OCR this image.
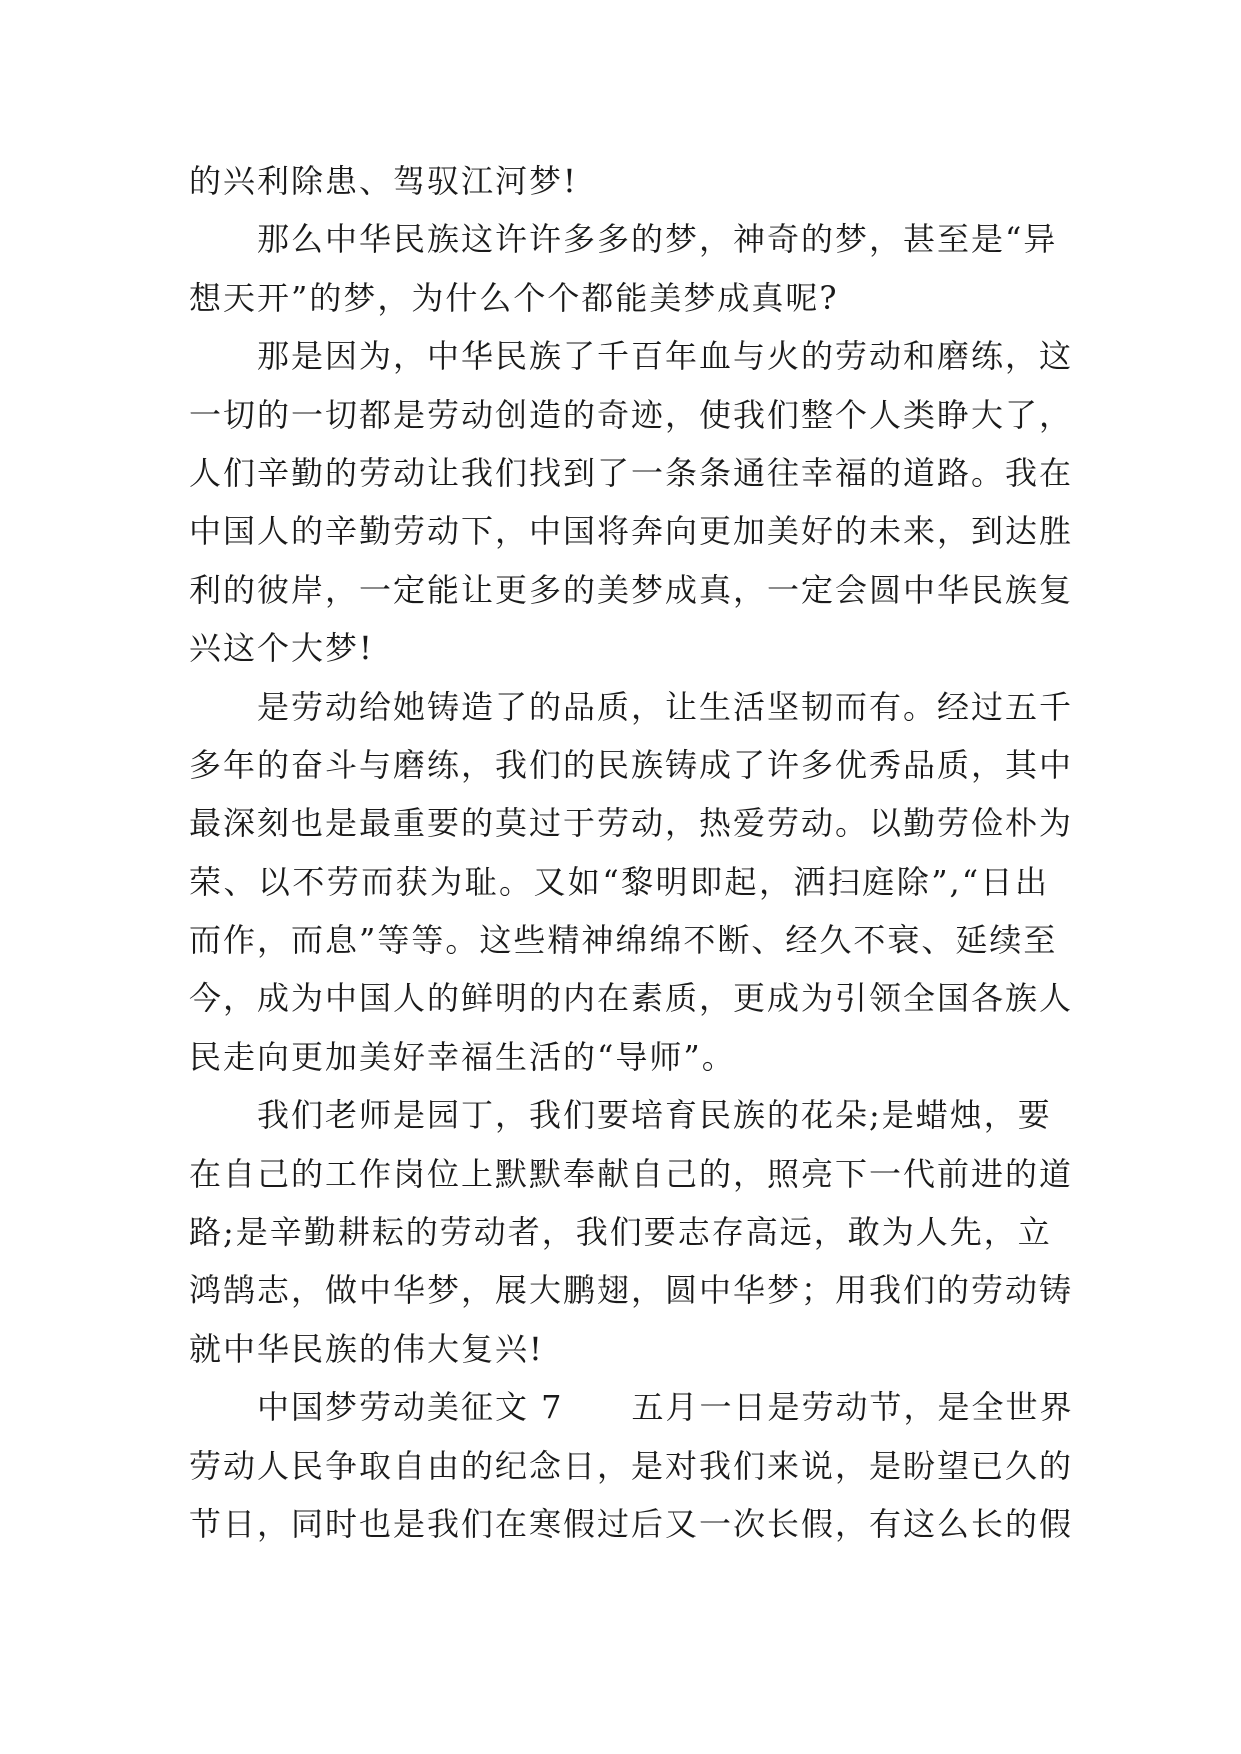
的兴利除患、驾驭江河梦!
那么中华民族这许许多多的梦，神奇的梦，甚至是“异
想天开”的梦，为什么个个都能美梦成真呢?
那是因为，中华民族了千百年血与火的劳动和磨练，这
一切的一切都是劳动创造的奇迹，使我们整个人类睁大了，
人们辛勤的劳动让我们找到了一条条通往幸福的道路。我在
中国人的辛勤劳动下，中国将奔向更加美好的未来，到达胜
利的彼岸，一定能让更多的美梦成真，一定会圆中华民族复
兴这个大梦!
是劳动给她铸造了的品质，让生活坚韧而有。经过五千
多年的奋斗与磨练，我们的民族铸成了许多优秀品质，其中
最深刻也是最重要的莫过于劳动，热爱劳动。以勤劳俭朴为
荣、以不劳而获为耻。又如“黎明即起，洒扫庭除”,“日出
而作，而息”等等。这些精神绵绵不断、经久不衰、延续至
今，成为中国人的鲜明的内在素质，更成为引领全国各族人
民走向更加美好幸福生活的“导师”。
我们老师是园丁，我们要培育民族的花朵;是蜡烛，要
在自己的工作岗位上默默奉献自己的，照亮下一代前进的道
路;是辛勤耕耘的劳动者，我们要志存高远，敢为人先，立
鸿鹄志，做中华梦，展大鹏翅，圆中华梦；用我们的劳动铸
就中华民族的伟大复兴!
中国梦劳动美征文 7　　五月一日是劳动节，是全世界
劳动人民争取自由的纪念日，是对我们来说，是盼望已久的
节日，同时也是我们在寒假过后又一次长假，有这么长的假
